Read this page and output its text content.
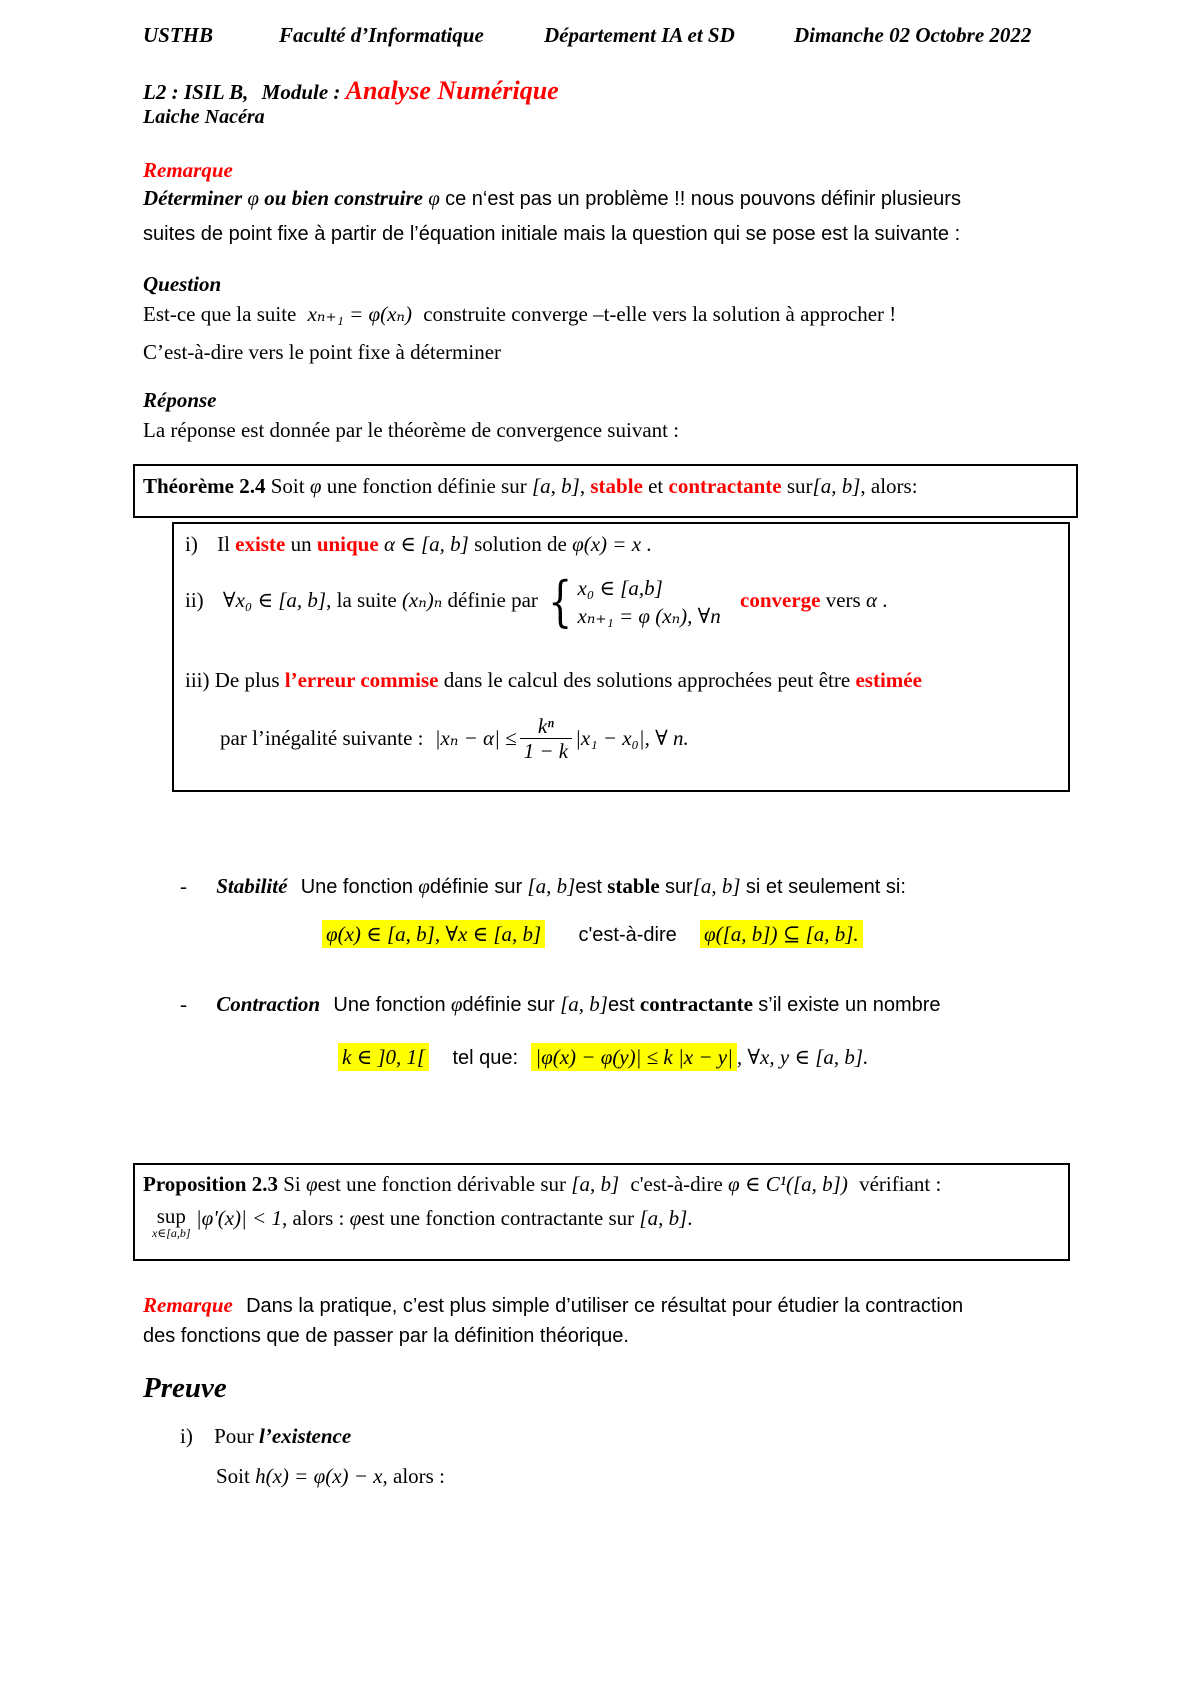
USTHB	Faculté d’Informatique	Département IA et SD	Dimanche 02 Octobre 2022
L2 : ISIL B, Module : Analyse Numérique
Laiche Nacéra
Remarque
Déterminer φ ou bien construire φ ce n‘est pas un problème !! nous pouvons définir plusieurs
suites de point fixe à partir de l’équation initiale mais la question qui se pose est la suivante :
Question
Est-ce que la suite xₙ₊₁ = φ(xₙ) construite converge –t-elle vers la solution à approcher !
C’est-à-dire vers le point fixe à déterminer
Réponse
La réponse est donnée par le théorème de convergence suivant :
Théorème 2.4 Soit φ une fonction définie sur [a, b], stable et contractante sur[a, b], alors:
i) Il existe un unique α ∈ [a, b] solution de φ(x) = x .
ii) ∀x₀ ∈ [a, b], la suite (xₙ)ₙ définie par { x₀ ∈ [a,b]
xₙ₊₁ = φ (xₙ), ∀n
converge vers α .
iii) De plus l’erreur commise dans le calcul des solutions approchées peut être estimée
par l’inégalité suivante : $|x_n - \alpha| \le \frac{\text{kⁿ}}{1 - k} |x_1 - x_0|$, ∀ n.
- Stabilité Une fonction φdéfinie sur [a, b]est stable sur[a, b] si et seulement si:
φ(x) ∈ [a, b], ∀x ∈ [a, b] c'est-à-dire φ([a, b]) ⊆ [a, b].
- Contraction Une fonction φdéfinie sur [a, b]est contractante s’il existe un nombre
k ∈ ]0, 1[ tel que: |φ(x) − φ(y)| ≤ k |x − y| , ∀x, y ∈ [a, b].
Proposition 2.3 Si φest une fonction dérivable sur [a, b] c'est-à-dire φ ∈ C¹([a, b]) vérifiant :
sup
x∈[a,b]
|φ'(x)| < 1, alors : φest une fonction contractante sur [a, b].
Remarque Dans la pratique, c’est plus simple d’utiliser ce résultat pour étudier la contraction
des fonctions que de passer par la définition théorique.
Preuve
i) Pour l’existence
Soit h(x) = φ(x) − x, alors :
